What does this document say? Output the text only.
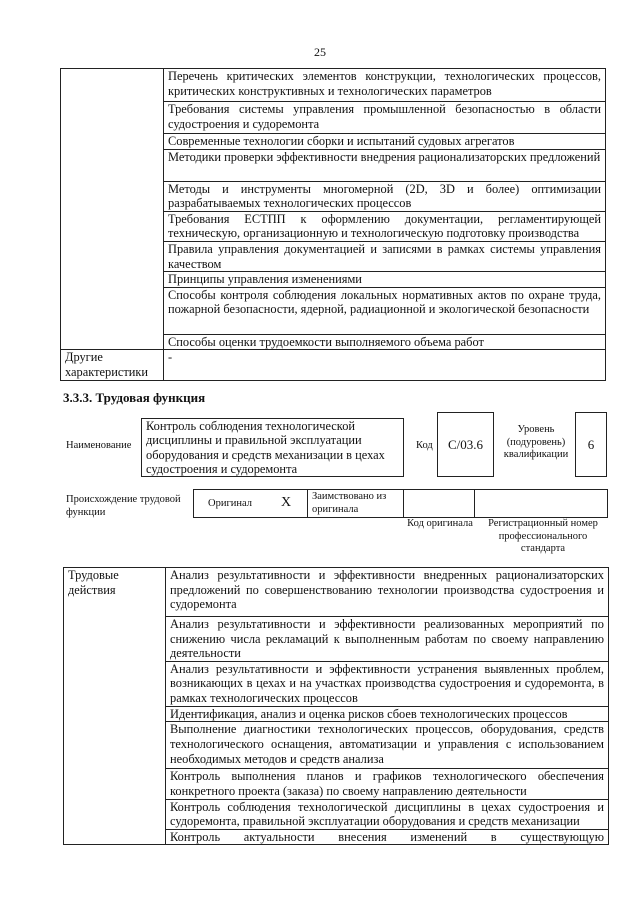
25
	Перечень критических элементов конструкции, технологических процессов, критических конструктивных и технологических параметров
	Требования системы управления промышленной безопасностью в области судостроения и судоремонта
	Современные технологии сборки и испытаний судовых агрегатов
	Методики проверки эффективности внедрения рационализаторских предложений
	Методы и инструменты многомерной (2D, 3D и более) оптимизации разрабатываемых технологических процессов
	Требования ЕСТПП к оформлению документации, регламентирующей техническую, организационную и технологическую подготовку производства
	Правила управления документацией и записями в рамках системы управления качеством
	Принципы управления изменениями
	Способы контроля соблюдения локальных нормативных актов по охране труда, пожарной безопасности, ядерной, радиационной и экологической безопасности
	Способы оценки трудоемкости выполняемого объема работ
Другие характеристики	-
3.3.3. Трудовая функция
Наименование
Контроль соблюдения технологической дисциплины и правильной эксплуатации оборудования и средств механизации в цехах судостроения и судоремонта
Код	C/03.6
Уровень (подуровень) квалификации
6
Происхождение трудовой функции
Оригинал X Заимствовано из оригинала
Код оригинала	Регистрационный номер профессионального стандарта
Трудовые действия	Анализ результативности и эффективности внедренных рационализаторских предложений по совершенствованию технологии производства судостроения и судоремонта
Анализ результативности и эффективности реализованных мероприятий по снижению числа рекламаций к выполненным работам по своему направлению деятельности
Анализ результативности и эффективности устранения выявленных проблем, возникающих в цехах и на участках производства судостроения и судоремонта, в рамках технологических процессов
Идентификация, анализ и оценка рисков сбоев технологических процессов
Выполнение диагностики технологических процессов, оборудования, средств технологического оснащения, автоматизации и управления с использованием необходимых методов и средств анализа
Контроль выполнения планов и графиков технологического обеспечения конкретного проекта (заказа) по своему направлению деятельности
Контроль соблюдения технологической дисциплины в цехах судостроения и судоремонта, правильной эксплуатации оборудования и средств механизации
Контроль актуальности внесения изменений в существующую
